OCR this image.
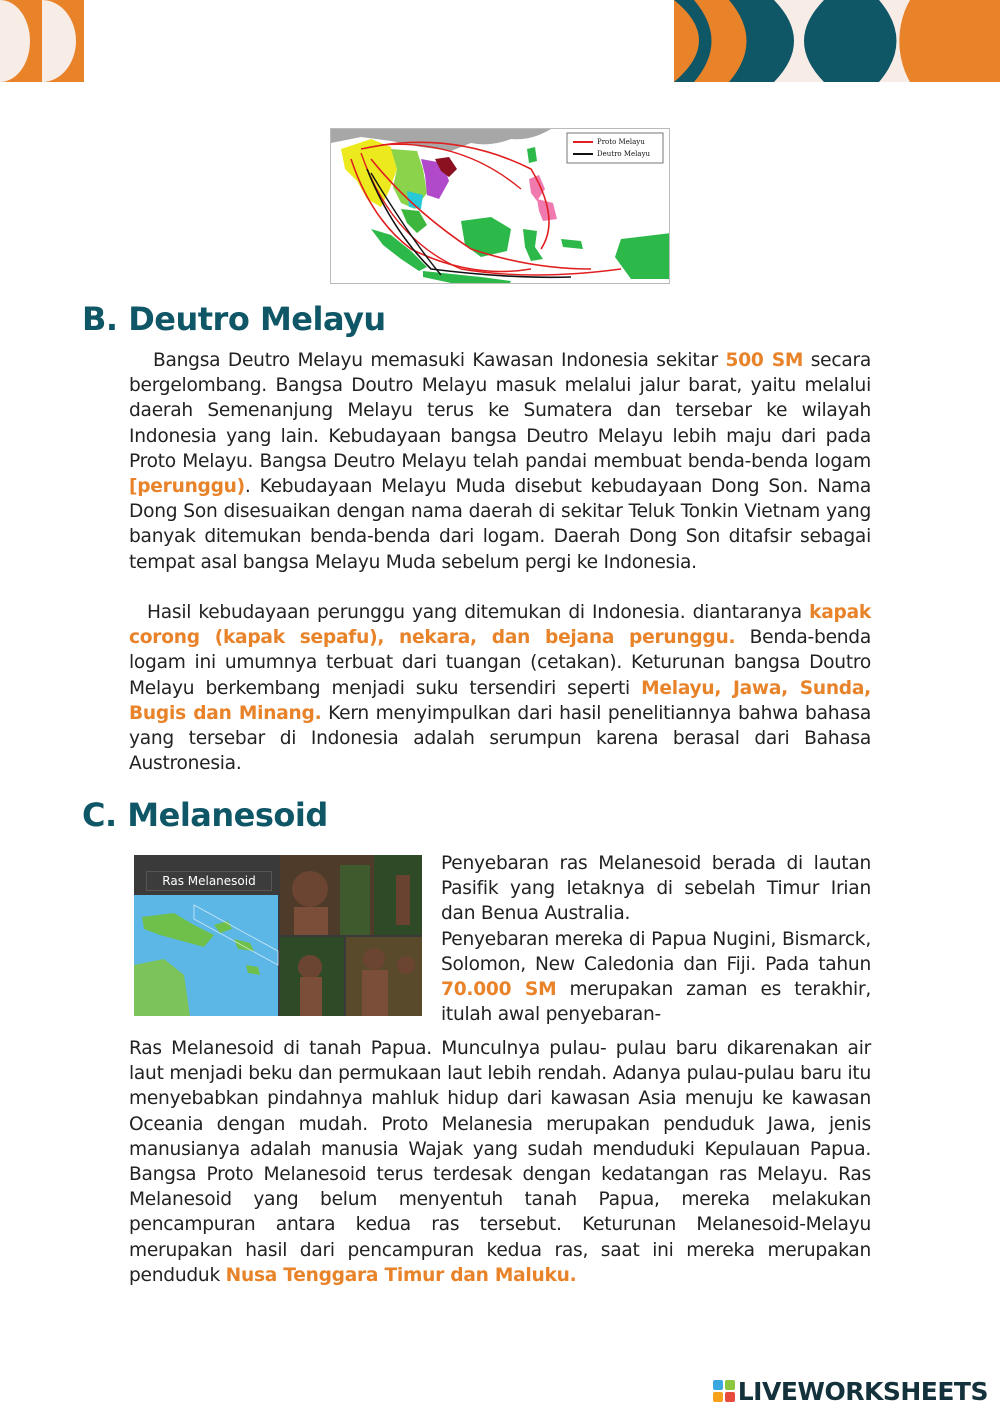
Proto Melayu
Deutro Melayu
B. Deutro Melayu

Bangsa Deutro Melayu memasuki Kawasan Indonesia sekitar 500 SM secara bergelombang. Bangsa Doutro Melayu masuk melalui jalur barat, yaitu melalui daerah Semenanjung Melayu terus ke Sumatera dan tersebar ke wilayah Indonesia yang lain. Kebudayaan bangsa Deutro Melayu lebih maju dari pada Proto Melayu. Bangsa Deutro Melayu telah pandai membuat benda-benda logam [perunggu). Kebudayaan Melayu Muda disebut kebudayaan Dong Son. Nama Dong Son disesuaikan dengan nama daerah di sekitar Teluk Tonkin Vietnam yang banyak ditemukan benda-benda dari logam. Daerah Dong Son ditafsir sebagai tempat asal bangsa Melayu Muda sebelum pergi ke Indonesia.

Hasil kebudayaan perunggu yang ditemukan di Indonesia. diantaranya kapak corong (kapak sepafu), nekara, dan bejana perunggu. Benda-benda logam ini umumnya terbuat dari tuangan (cetakan). Keturunan bangsa Doutro Melayu berkembang menjadi suku tersendiri seperti Melayu, Jawa, Sunda, Bugis dan Minang. Kern menyimpulkan dari hasil penelitiannya bahwa bahasa yang tersebar di Indonesia adalah serumpun karena berasal dari Bahasa Austronesia.

C. Melanesoid
Ras Melanesoid
Penyebaran ras Melanesoid berada di lautan Pasifik yang letaknya di sebelah Timur Irian dan Benua Australia.
Penyebaran mereka di Papua Nugini, Bismarck, Solomon, New Caledonia dan Fiji. Pada tahun 70.000 SM merupakan zaman es terakhir, itulah awal penyebaran-

Ras Melanesoid di tanah Papua. Munculnya pulau- pulau baru dikarenakan air laut menjadi beku dan permukaan laut lebih rendah. Adanya pulau-pulau baru itu menyebabkan pindahnya mahluk hidup dari kawasan Asia menuju ke kawasan Oceania dengan mudah. Proto Melanesia merupakan penduduk Jawa, jenis manusianya adalah manusia Wajak yang sudah menduduki Kepulauan Papua. Bangsa Proto Melanesoid terus terdesak dengan kedatangan ras Melayu. Ras Melanesoid yang belum menyentuh tanah Papua, mereka melakukan pencampuran antara kedua ras tersebut. Keturunan Melanesoid-Melayu merupakan hasil dari pencampuran kedua ras, saat ini mereka merupakan penduduk Nusa Tenggara Timur dan Maluku.

LIVEWORKSHEETS
